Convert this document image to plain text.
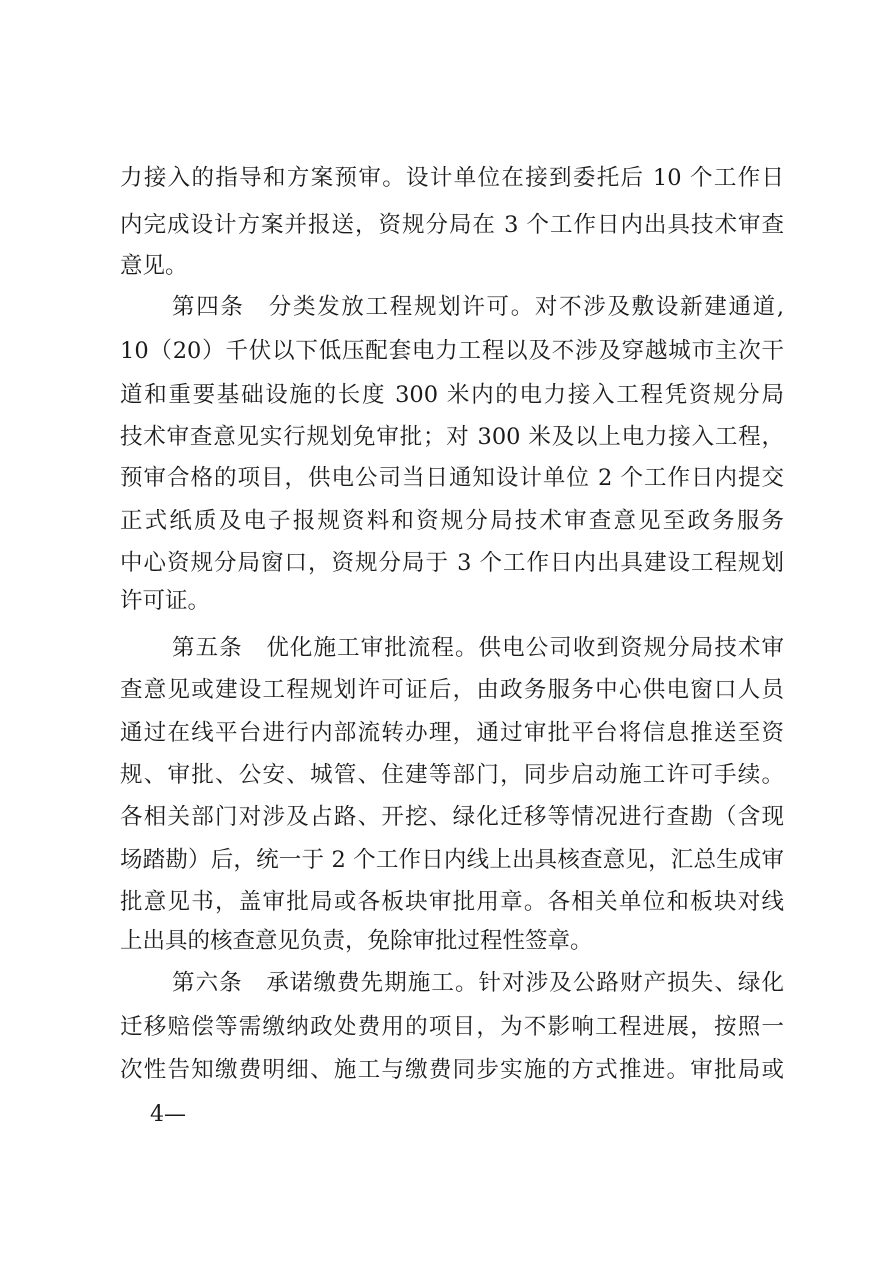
力接入的指导和方案预审。设计单位在接到委托后 10 个工作日
内完成设计方案并报送，资规分局在 3 个工作日内出具技术审查
意见。
第四条　分类发放工程规划许可。对不涉及敷设新建通道,
10（20）千伏以下低压配套电力工程以及不涉及穿越城市主次干
道和重要基础设施的长度 300 米内的电力接入工程凭资规分局
技术审查意见实行规划免审批；对 300 米及以上电力接入工程，
预审合格的项目，供电公司当日通知设计单位 2 个工作日内提交
正式纸质及电子报规资料和资规分局技术审查意见至政务服务
中心资规分局窗口，资规分局于 3 个工作日内出具建设工程规划
许可证。
第五条　优化施工审批流程。供电公司收到资规分局技术审
查意见或建设工程规划许可证后，由政务服务中心供电窗口人员
通过在线平台进行内部流转办理，通过审批平台将信息推送至资
规、审批、公安、城管、住建等部门，同步启动施工许可手续。
各相关部门对涉及占路、开挖、绿化迁移等情况进行查勘（含现
场踏勘）后，统一于 2 个工作日内线上出具核查意见，汇总生成审
批意见书，盖审批局或各板块审批用章。各相关单位和板块对线
上出具的核查意见负责，免除审批过程性签章。
第六条　承诺缴费先期施工。针对涉及公路财产损失、绿化
迁移赔偿等需缴纳政处费用的项目，为不影响工程进展，按照一
次性告知缴费明细、施工与缴费同步实施的方式推进。审批局或
4—
